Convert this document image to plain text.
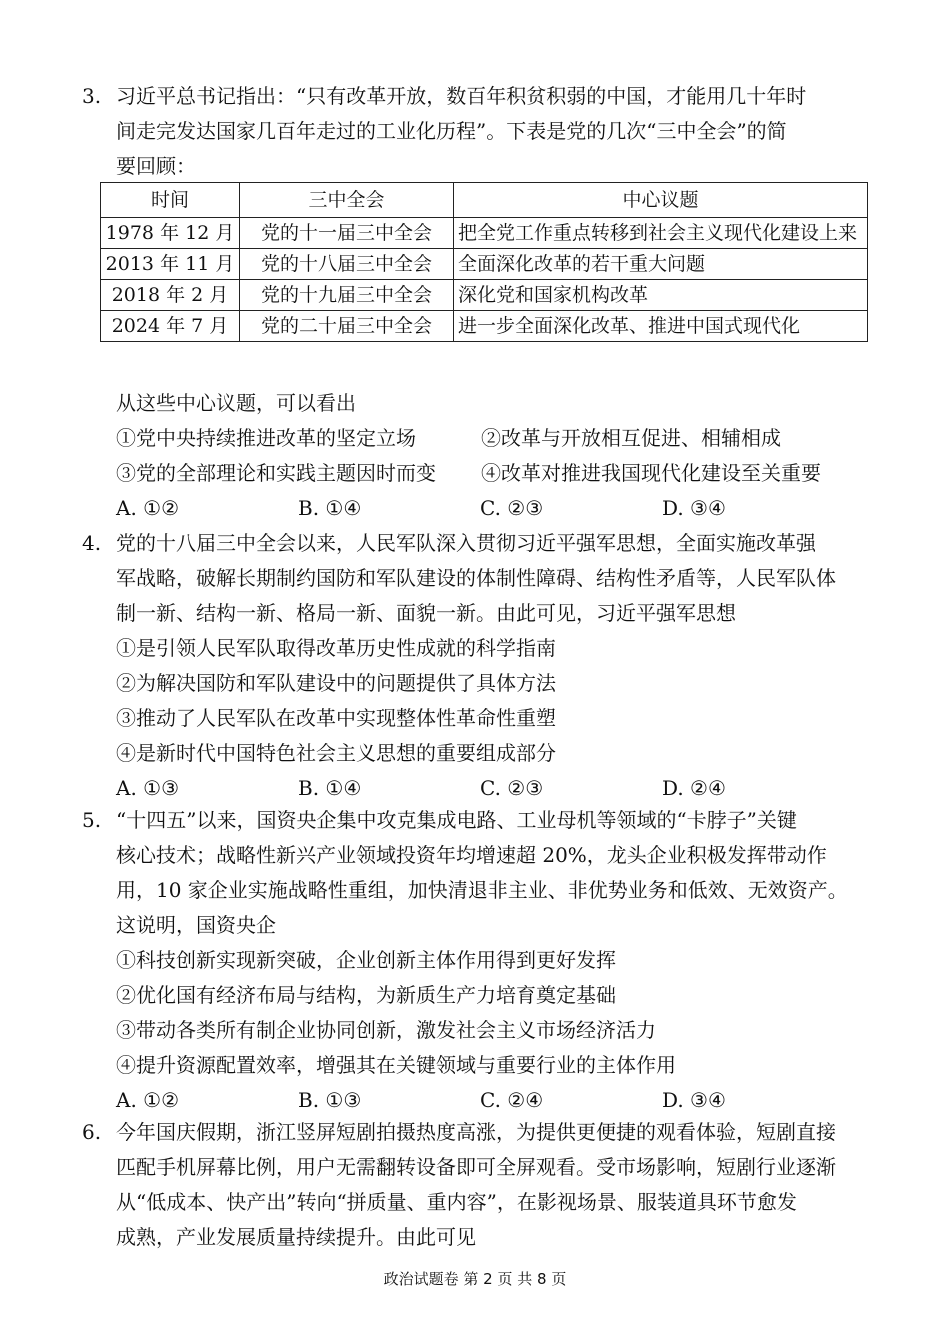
3. 习近平总书记指出：“只有改革开放，数百年积贫积弱的中国，才能用几十年时
间走完发达国家几百年走过的工业化历程”。下表是党的几次“三中全会”的简
要回顾：
时间	三中全会	中心议题
1978 年 12 月	党的十一届三中全会	把全党工作重点转移到社会主义现代化建设上来
2013 年 11 月	党的十八届三中全会	全面深化改革的若干重大问题
2018 年 2 月	党的十九届三中全会	深化党和国家机构改革
2024 年 7 月	党的二十届三中全会	进一步全面深化改革、推进中国式现代化
从这些中心议题，可以看出
①党中央持续推进改革的坚定立场	②改革与开放相互促进、相辅相成
③党的全部理论和实践主题因时而变	④改革对推进我国现代化建设至关重要
A. ①②	B. ①④	C. ②③	D. ③④
4. 党的十八届三中全会以来，人民军队深入贯彻习近平强军思想，全面实施改革强
军战略，破解长期制约国防和军队建设的体制性障碍、结构性矛盾等，人民军队体
制一新、结构一新、格局一新、面貌一新。由此可见，习近平强军思想
①是引领人民军队取得改革历史性成就的科学指南
②为解决国防和军队建设中的问题提供了具体方法
③推动了人民军队在改革中实现整体性革命性重塑
④是新时代中国特色社会主义思想的重要组成部分
A. ①③	B. ①④	C. ②③	D. ②④
5. “十四五”以来，国资央企集中攻克集成电路、工业母机等领域的“卡脖子”关键
核心技术；战略性新兴产业领域投资年均增速超 20%，龙头企业积极发挥带动作
用，10 家企业实施战略性重组，加快清退非主业、非优势业务和低效、无效资产。
这说明，国资央企
①科技创新实现新突破，企业创新主体作用得到更好发挥
②优化国有经济布局与结构，为新质生产力培育奠定基础
③带动各类所有制企业协同创新，激发社会主义市场经济活力
④提升资源配置效率，增强其在关键领域与重要行业的主体作用
A. ①②	B. ①③	C. ②④	D. ③④
6. 今年国庆假期，浙江竖屏短剧拍摄热度高涨，为提供更便捷的观看体验，短剧直接
匹配手机屏幕比例，用户无需翻转设备即可全屏观看。受市场影响，短剧行业逐渐
从“低成本、快产出”转向“拼质量、重内容”，在影视场景、服装道具环节愈发
成熟，产业发展质量持续提升。由此可见
政治试题卷 第 2 页 共 8 页
